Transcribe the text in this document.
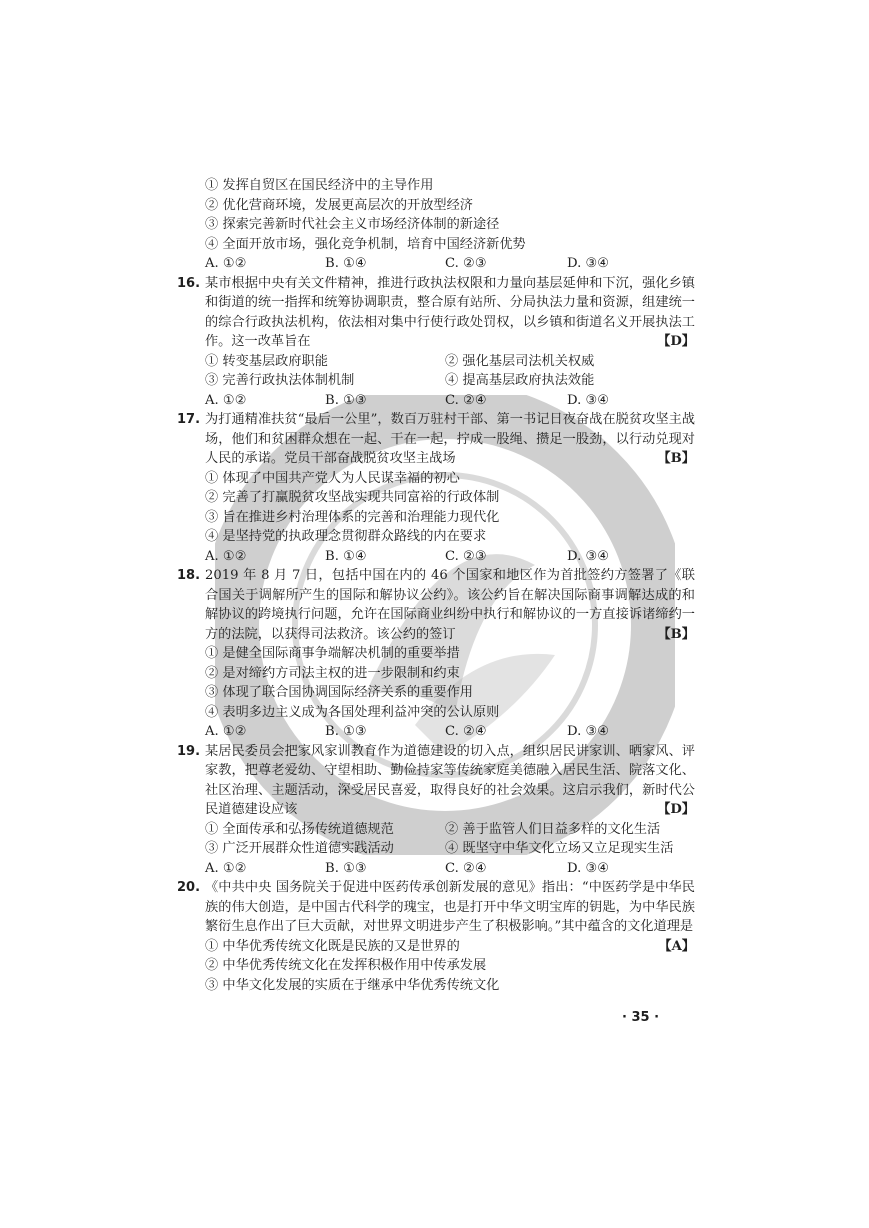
① 发挥自贸区在国民经济中的主导作用
② 优化营商环境，发展更高层次的开放型经济
③ 探索完善新时代社会主义市场经济体制的新途径
④ 全面开放市场，强化竞争机制，培育中国经济新优势
A. ①②	B. ①④	C. ②③	D. ③④
16. 某市根据中央有关文件精神，推进行政执法权限和力量向基层延伸和下沉，强化乡镇和街道的统一指挥和统筹协调职责，整合原有站所、分局执法力量和资源，组建统一的综合行政执法机构，依法相对集中行使行政处罚权，以乡镇和街道名义开展执法工作。这一改革旨在	【D】
① 转变基层政府职能	② 强化基层司法机关权威
③ 完善行政执法体制机制	④ 提高基层政府执法效能
A. ①②	B. ①③	C. ②④	D. ③④
17. 为打通精准扶贫“最后一公里”，数百万驻村干部、第一书记日夜奋战在脱贫攻坚主战场，他们和贫困群众想在一起、干在一起，拧成一股绳、攒足一股劲，以行动兑现对人民的承诺。党员干部奋战脱贫攻坚主战场	【B】
① 体现了中国共产党人为人民谋幸福的初心
② 完善了打赢脱贫攻坚战实现共同富裕的行政体制
③ 旨在推进乡村治理体系的完善和治理能力现代化
④ 是坚持党的执政理念贯彻群众路线的内在要求
A. ①②	B. ①④	C. ②③	D. ③④
18. 2019 年 8 月 7 日，包括中国在内的 46 个国家和地区作为首批签约方签署了《联合国关于调解所产生的国际和解协议公约》。该公约旨在解决国际商事调解达成的和解协议的跨境执行问题，允许在国际商业纠纷中执行和解协议的一方直接诉诸缔约一方的法院，以获得司法救济。该公约的签订	【B】
① 是健全国际商事争端解决机制的重要举措
② 是对缔约方司法主权的进一步限制和约束
③ 体现了联合国协调国际经济关系的重要作用
④ 表明多边主义成为各国处理利益冲突的公认原则
A. ①②	B. ①③	C. ②④	D. ③④
19. 某居民委员会把家风家训教育作为道德建设的切入点，组织居民讲家训、晒家风、评家教，把尊老爱幼、守望相助、勤俭持家等传统家庭美德融入居民生活、院落文化、社区治理、主题活动，深受居民喜爱，取得良好的社会效果。这启示我们，新时代公民道德建设应该	【D】
① 全面传承和弘扬传统道德规范	② 善于监管人们日益多样的文化生活
③ 广泛开展群众性道德实践活动	④ 既坚守中华文化立场又立足现实生活
A. ①②	B. ①③	C. ②④	D. ③④
20. 《中共中央 国务院关于促进中医药传承创新发展的意见》指出：“中医药学是中华民族的伟大创造，是中国古代科学的瑰宝，也是打开中华文明宝库的钥匙，为中华民族繁衍生息作出了巨大贡献，对世界文明进步产生了积极影响。”其中蕴含的文化道理是
【A】
① 中华优秀传统文化既是民族的又是世界的
② 中华优秀传统文化在发挥积极作用中传承发展
③ 中华文化发展的实质在于继承中华优秀传统文化
· 35 ·
